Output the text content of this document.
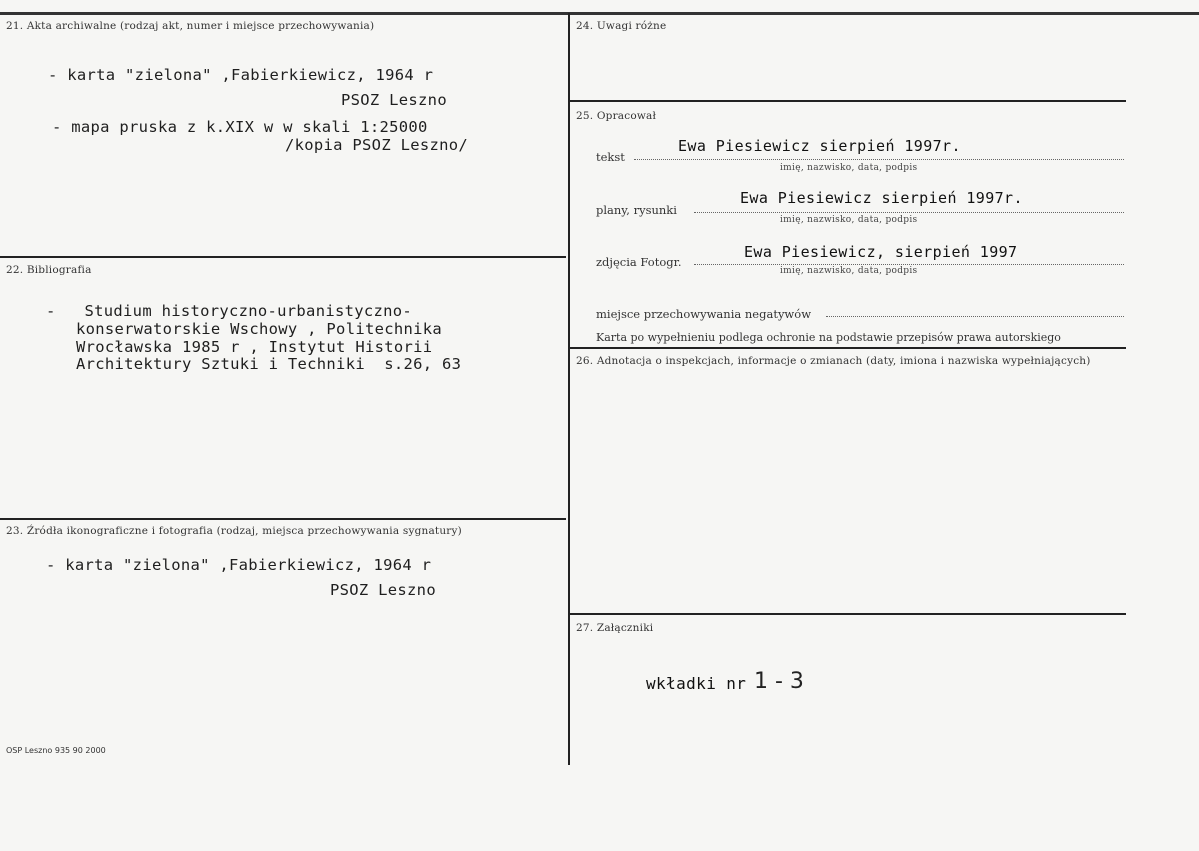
21. Akta archiwalne (rodzaj akt, numer i miejsce przechowywania)
- karta "zielona" ,Fabierkiewicz, 1964 r
PSOZ Leszno
- mapa pruska z k.XIX w w skali 1:25000
/kopia PSOZ Leszno/
22. Bibliografia
-   Studium historyczno-urbanistyczno-
konserwatorskie Wschowy , Politechnika
Wrocławska 1985 r , Instytut Historii
Architektury Sztuki i Techniki  s.26, 63
23. Źródła ikonograficzne i fotografia (rodzaj, miejsca przechowywania sygnatury)
- karta "zielona" ,Fabierkiewicz, 1964 r
PSOZ Leszno
OSP Leszno 935 90 2000
24. Uwagi różne
25. Opracował
tekst
Ewa Piesiewicz sierpień 1997r.
imię, nazwisko, data, podpis
plany, rysunki
Ewa Piesiewicz sierpień 1997r.
imię, nazwisko, data, podpis
zdjęcia Fotogr.
Ewa Piesiewicz, sierpień 1997
imię, nazwisko, data, podpis
miejsce przechowywania negatywów
Karta po wypełnieniu podlega ochronie na podstawie przepisów prawa autorskiego
26. Adnotacja o inspekcjach, informacje o zmianach (daty, imiona i nazwiska wypełniających)
27. Załączniki
wkładki nr 1 - 3
